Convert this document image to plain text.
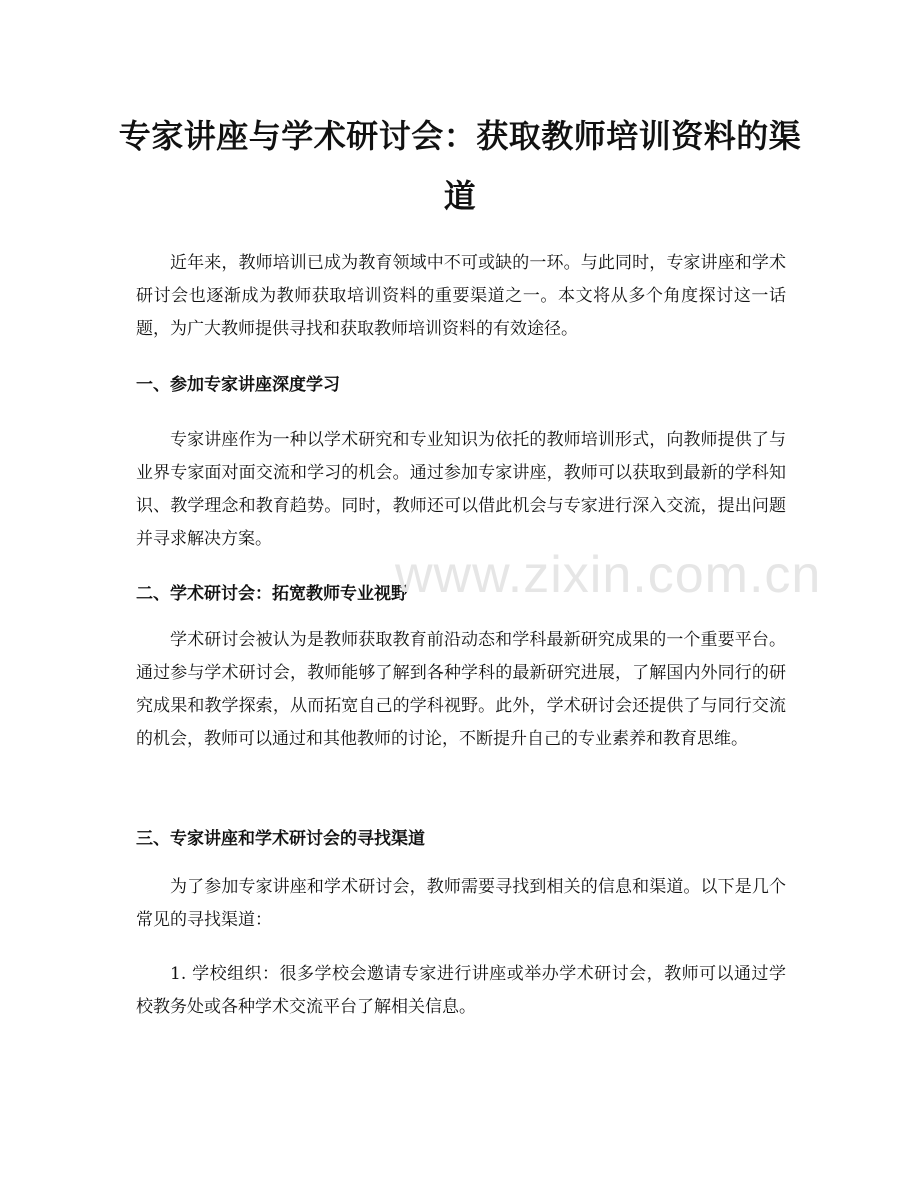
专家讲座与学术研讨会：获取教师培训资料的渠道

近年来，教师培训已成为教育领域中不可或缺的一环。与此同时，专家讲座和学术研讨会也逐渐成为教师获取培训资料的重要渠道之一。本文将从多个角度探讨这一话题，为广大教师提供寻找和获取教师培训资料的有效途径。

一、参加专家讲座深度学习

专家讲座作为一种以学术研究和专业知识为依托的教师培训形式，向教师提供了与业界专家面对面交流和学习的机会。通过参加专家讲座，教师可以获取到最新的学科知识、教学理念和教育趋势。同时，教师还可以借此机会与专家进行深入交流，提出问题并寻求解决方案。

二、学术研讨会：拓宽教师专业视野

学术研讨会被认为是教师获取教育前沿动态和学科最新研究成果的一个重要平台。通过参与学术研讨会，教师能够了解到各种学科的最新研究进展，了解国内外同行的研究成果和教学探索，从而拓宽自己的学科视野。此外，学术研讨会还提供了与同行交流的机会，教师可以通过和其他教师的讨论，不断提升自己的专业素养和教育思维。

三、专家讲座和学术研讨会的寻找渠道

为了参加专家讲座和学术研讨会，教师需要寻找到相关的信息和渠道。以下是几个常见的寻找渠道：

1. 学校组织：很多学校会邀请专家进行讲座或举办学术研讨会，教师可以通过学校教务处或各种学术交流平台了解相关信息。

www.zixin.com.cn
